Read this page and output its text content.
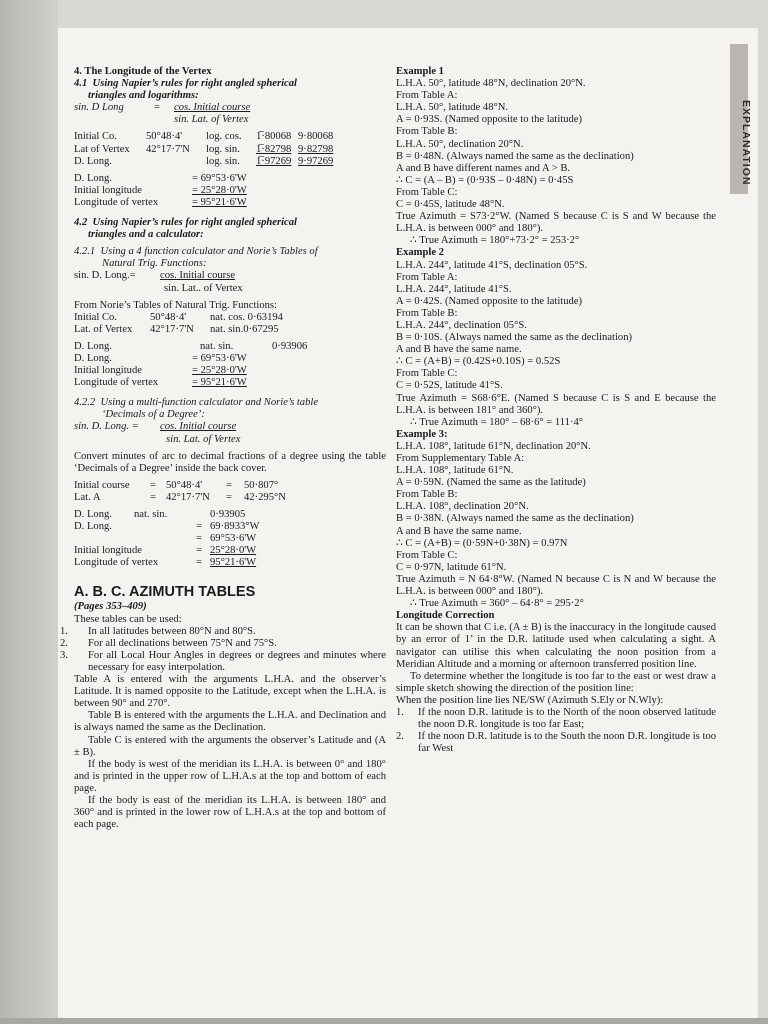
EXPLANATION

4. The Longitude of the Vertex

4.1 Using Napier’s rules for right angled spherical

triangles and logarithms:

sin. D Long	=	cos. Initial course
sin. Lat. of Vertex
Initial Co.	50°48·4'	log. cos.	1̅·80068 9·80068
Lat of Vertex	42°17·7'N	log. sin.	1̅·82798 9·82798
D. Long.	log. sin.	1̅·97269 9·97269
D. Long.	= 69°53·6'W
Initial longitude	= 25°28·0'W
Longitude of vertex	= 95°21·6'W

4.2 Using Napier’s rules for right angled spherical

triangles and a calculator:

4.2.1 Using a 4 function calculator and Norie’s Tables of

Natural Trig. Functions:

sin. D. Long.=	cos. Initial course
sin. Lat.. of Vertex

From Norie’s Tables of Natural Trig. Functions:

Initial Co.	50°48·4'	nat. cos. 0·63194
Lat. of Vertex	42°17·7'N	nat. sin.0·67295
D. Long.	nat. sin.	0·93906
D. Long.	= 69°53·6'W
Initial longitude	= 25°28·0'W
Longitude of vertex	= 95°21·6'W

4.2.2 Using a multi-function calculator and Norie’s table

‘Decimals of a Degree’:

sin. D. Long. =	cos. Initial course
sin. Lat. of Vertex

Convert minutes of arc to decimal fractions of a degree using the table ‘Decimals of a Degree’ inside the back cover.

Initial course	= 50°48·4'	=	50·807°
Lat. A	= 42°17·7'N	=	42·295°N
D. Long.	nat. sin.	0·93905
D. Long.	= 69·8933°W
= 69°53·6'W
Initial longitude	= 25°28·0'W
Longitude of vertex	= 95°21·6'W

A. B. C. AZIMUTH TABLES

(Pages 353–409)

These tables can be used:

1. In all latitudes between 80°N and 80°S.
2. For all declinations between 75°N and 75°S.
3. For all Local Hour Angles in degrees or degrees and minutes where necessary for easy interpolation.

Table A is entered with the arguments L.H.A. and the observer’s Latitude. It is named opposite to the Latitude, except when the L.H.A. is between 90° and 270°.

Table B is entered with the arguments the L.H.A. and Declination and is always named the same as the Declination.

Table C is entered with the arguments the observer’s Latitude and (A ± B).

If the body is west of the meridian its L.H.A. is between 0° and 180° and is printed in the upper row of L.H.A.s at the top and bottom of each page.

If the body is east of the meridian its L.H.A. is between 180° and 360° and is printed in the lower row of L.H.A.s at the top and bottom of each page.

Example 1

L.H.A. 50°, latitude 48°N, declination 20°N.

From Table A:

L.H.A. 50°, latitude 48°N.

A = 0·93S. (Named opposite to the latitude)

From Table B:

L.H.A. 50°, declination 20°N.

B = 0·48N. (Always named the same as the declination)

A and B have different names and A > B.

∴ C = (A – B) = (0·93S – 0·48N) = 0·45S

From Table C:

C = 0·45S, latitude 48°N.

True Azimuth = S73·2°W. (Named S because C is S and W because the L.H.A. is between 000° and 180°).

∴ True Azimuth = 180°+73·2° = 253·2°

Example 2

L.H.A. 244°, latitude 41°S, declination 05°S.

From Table A:

L.H.A. 244°, latitude 41°S.

A = 0·42S. (Named opposite to the latitude)

From Table B:

L.H.A. 244°, declination 05°S.

B = 0·10S. (Always named the same as the declination)

A and B have the same name.

∴ C = (A+B) = (0.42S+0.10S) = 0.52S

From Table C:

C = 0·52S, latitude 41°S.

True Azimuth = S68·6°E. (Named S because C is S and E because the L.H.A. is between 181° and 360°).

∴ True Azimuth = 180° – 68·6° = 111·4°

Example 3:

L.H.A. 108°, latitude 61°N, declination 20°N.

From Supplementary Table A:

L.H.A. 108°, latitude 61°N.

A = 0·59N. (Named the same as the latitude)

From Table B:

L.H.A. 108°, declination 20°N.

B = 0·38N. (Always named the same as the declination)

A and B have the same name.

∴ C = (A+B) = (0·59N+0·38N) = 0.97N

From Table C:

C = 0·97N, latitude 61°N.

True Azimuth = N 64·8°W. (Named N because C is N and W because the L.H.A. is between 000° and 180°).

∴ True Azimuth = 360° – 64·8° = 295·2°

Longitude Correction

It can be shown that C i.e. (A ± B) is the inaccuracy in the longitude caused by an error of 1’ in the D.R. latitude used when calculating a sight. A navigator can utilise this when calculating the noon position from a Meridian Altitude and a morning or afternoon transferred position line.

To determine whether the longitude is too far to the east or west draw a simple sketch showing the direction of the position line:

When the position line lies NE/SW (Azimuth S.Ely or N.Wly):

1. If the noon D.R. latitude is to the North of the noon observed latitude the noon D.R. longitude is too far East;
2. If the noon D.R. latitude is to the South the noon D.R. longitude is too far West
